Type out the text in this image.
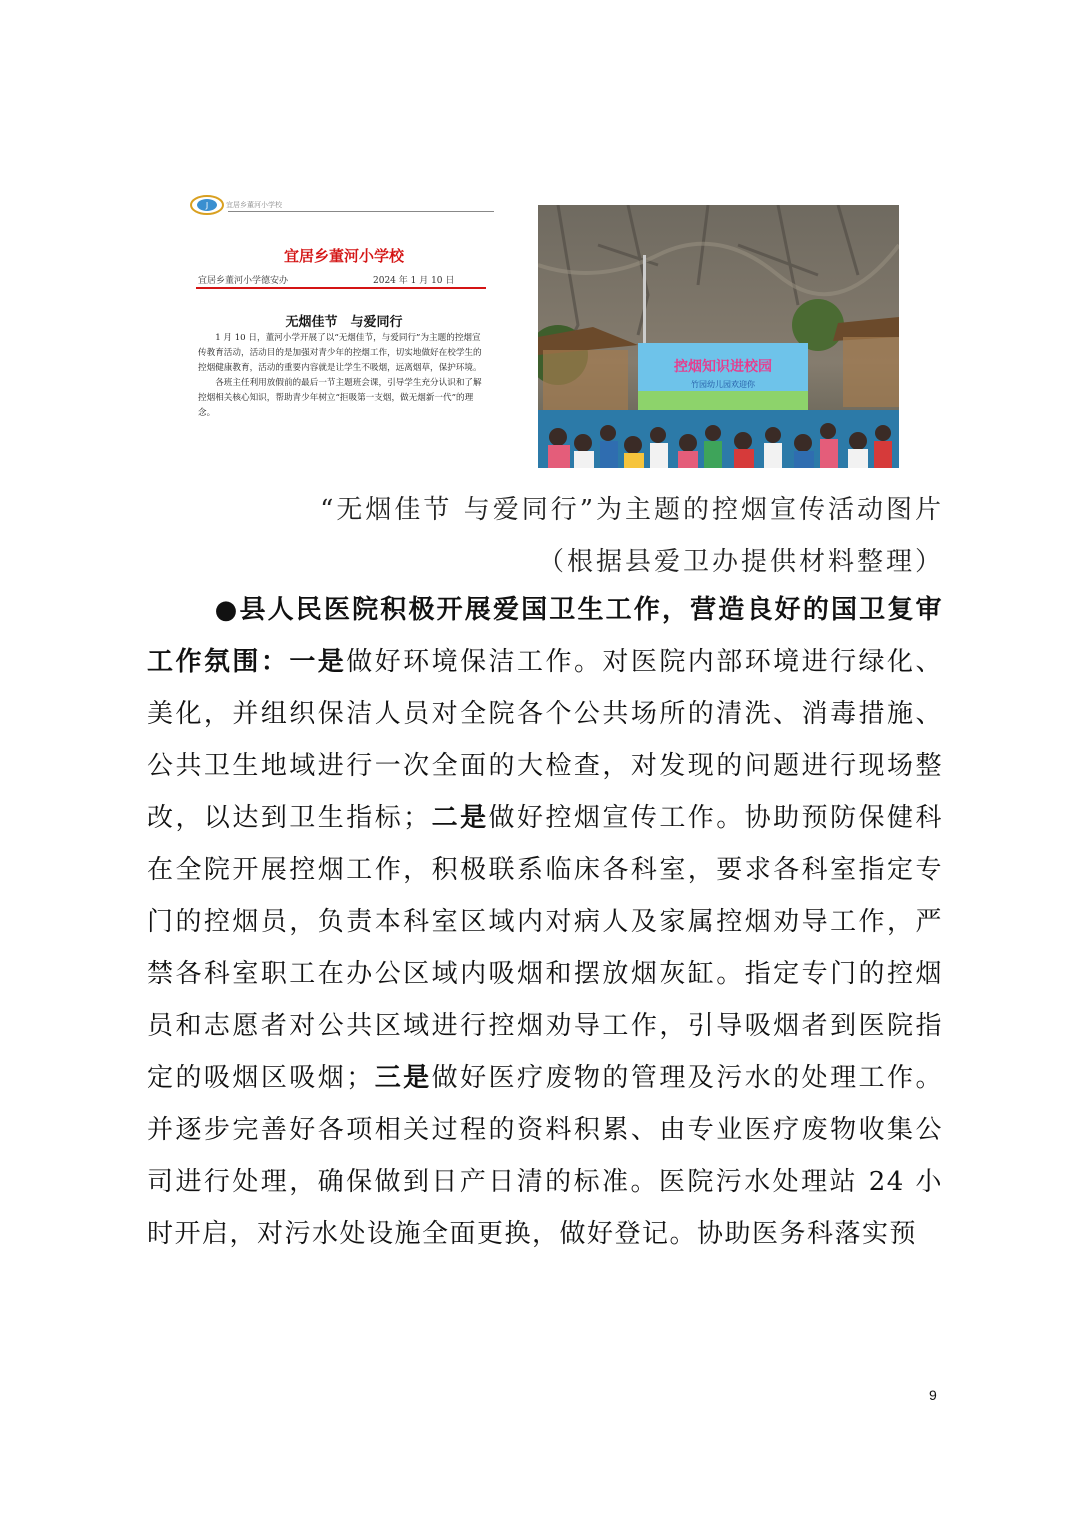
J	宜居乡董河小学校
宜居乡董河小学校
宜居乡董河小学德安办	2024 年 1 月 10 日
无烟佳节　与爱同行

1 月 10 日，董河小学开展了以“无烟佳节，与爱同行”为主题的控烟宣传教育活动，活动目的是加强对青少年的控烟工作，切实地做好在校学生的控烟健康教育，活动的重要内容就是让学生不吸烟，远离烟草，保护环境。

各班主任利用放假前的最后一节主题班会课，引导学生充分认识和了解控烟相关核心知识，帮助青少年树立“拒吸第一支烟，做无烟新一代”的理念。

控烟知识进校园
竹园幼儿园欢迎你
“无烟佳节 与爱同行”为主题的控烟宣传活动图片
（根据县爱卫办提供材料整理）

●县人民医院积极开展爱国卫生工作，营造良好的国卫复审工作氛围：一是做好环境保洁工作。对医院内部环境进行绿化、美化，并组织保洁人员对全院各个公共场所的清洗、消毒措施、公共卫生地域进行一次全面的大检查，对发现的问题进行现场整改，以达到卫生指标；二是做好控烟宣传工作。协助预防保健科在全院开展控烟工作，积极联系临床各科室，要求各科室指定专门的控烟员，负责本科室区域内对病人及家属控烟劝导工作，严禁各科室职工在办公区域内吸烟和摆放烟灰缸。指定专门的控烟员和志愿者对公共区域进行控烟劝导工作，引导吸烟者到医院指定的吸烟区吸烟；三是做好医疗废物的管理及污水的处理工作。并逐步完善好各项相关过程的资料积累、由专业医疗废物收集公司进行处理，确保做到日产日清的标准。医院污水处理站 24 小时开启，对污水处设施全面更换，做好登记。协助医务科落实预

9
